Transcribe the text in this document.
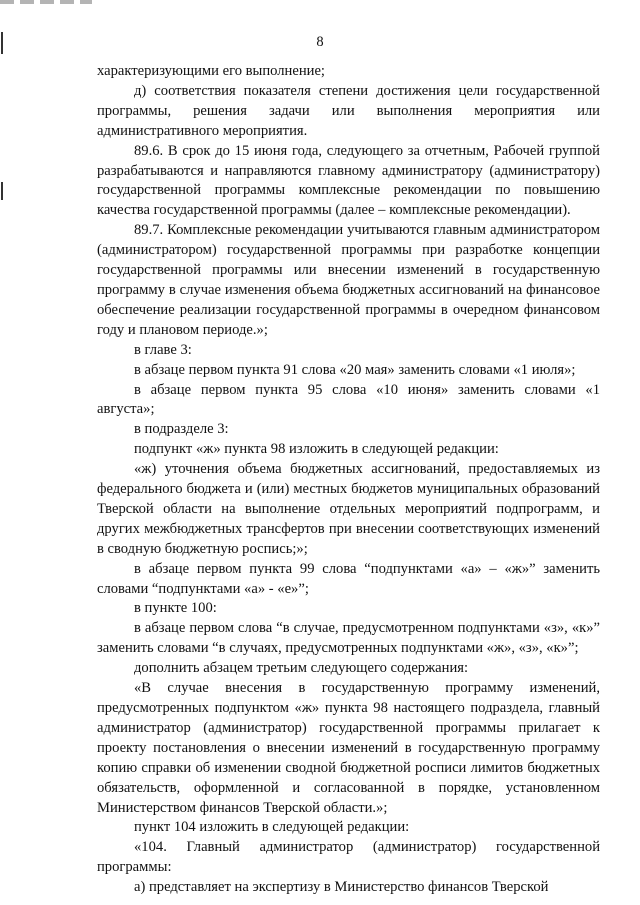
8

характеризующими его выполнение;

д) соответствия показателя степени достижения цели государственной программы, решения задачи или выполнения мероприятия или административного мероприятия.

89.6. В срок до 15 июня года, следующего за отчетным, Рабочей группой разрабатываются и направляются главному администратору (администратору) государственной программы комплексные рекомендации по повышению качества государственной программы (далее – комплексные рекомендации).

89.7. Комплексные рекомендации учитываются главным администратором (администратором) государственной программы при разработке концепции государственной программы или внесении изменений в государственную программу в случае изменения объема бюджетных ассигнований на финансовое обеспечение реализации государственной программы в очередном финансовом году и плановом периоде.»;

в главе 3:

в абзаце первом пункта 91 слова «20 мая» заменить словами «1 июля»;

в абзаце первом пункта 95 слова «10 июня» заменить словами «1 августа»;

в подразделе 3:

подпункт «ж» пункта 98 изложить в следующей редакции:

«ж) уточнения объема бюджетных ассигнований, предоставляемых из федерального бюджета и (или) местных бюджетов муниципальных образований Тверской области на выполнение отдельных мероприятий подпрограмм, и других межбюджетных трансфертов при внесении соответствующих изменений в сводную бюджетную роспись;»;

в абзаце первом пункта 99 слова “подпунктами «а» – «ж»” заменить словами “подпунктами «а» - «е»”;

в пункте 100:

в абзаце первом слова “в случае, предусмотренном подпунктами «з», «к»” заменить словами “в случаях, предусмотренных подпунктами «ж», «з», «к»”;

дополнить абзацем третьим следующего содержания:

«В случае внесения в государственную программу изменений, предусмотренных подпунктом «ж» пункта 98 настоящего подраздела, главный администратор (администратор) государственной программы прилагает к проекту постановления о внесении изменений в государственную программу копию справки об изменении сводной бюджетной росписи лимитов бюджетных обязательств, оформленной и согласованной в порядке, установленном Министерством финансов Тверской области.»;

пункт 104 изложить в следующей редакции:

«104. Главный администратор (администратор) государственной программы:

а) представляет на экспертизу в Министерство финансов Тверской
